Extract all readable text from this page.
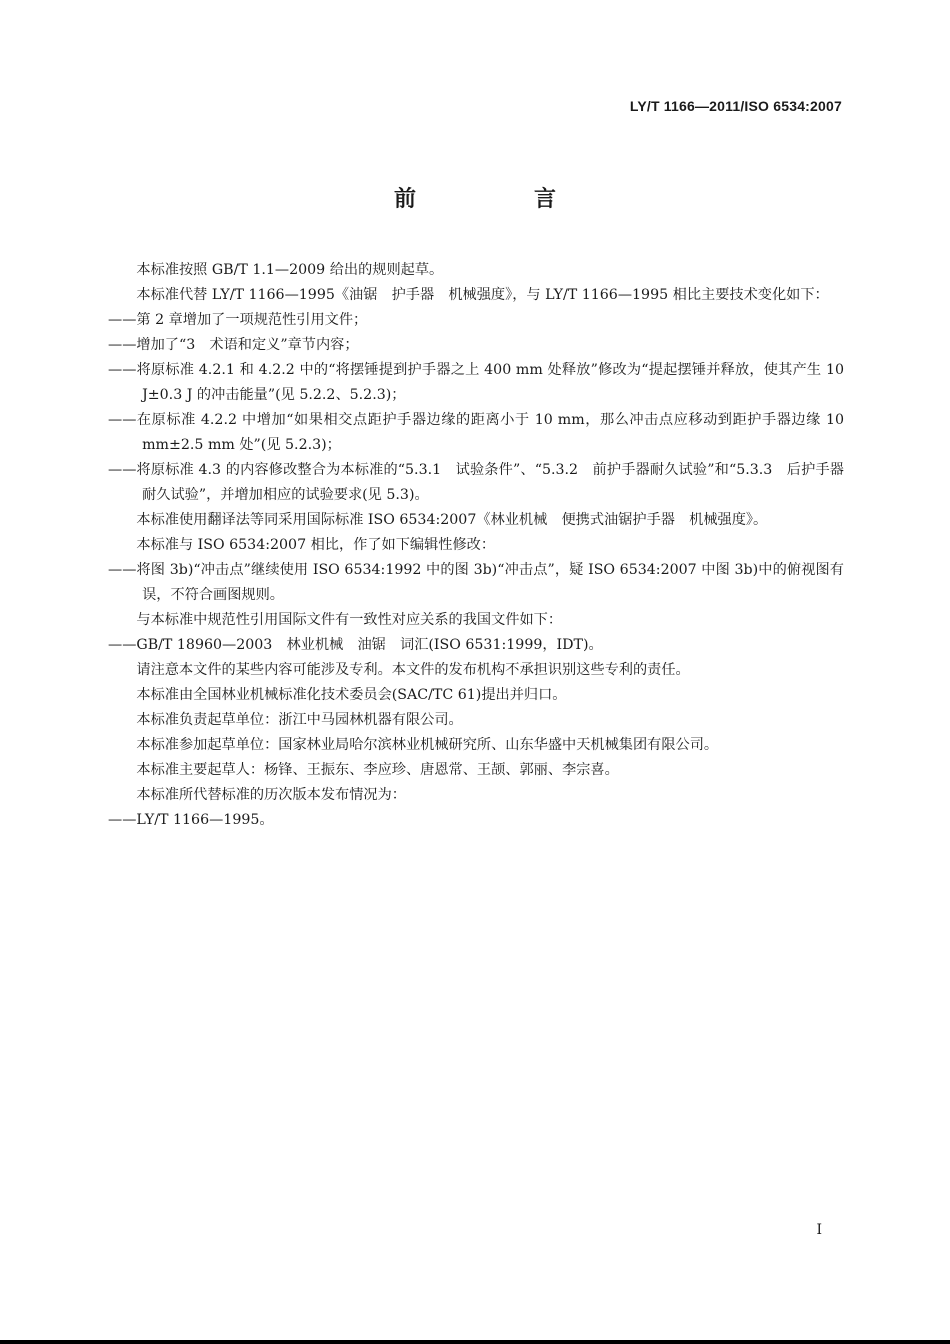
LY/T 1166—2011/ISO 6534:2007
前　言

本标准按照 GB/T 1.1—2009 给出的规则起草。

本标准代替 LY/T 1166—1995《油锯　护手器　机械强度》，与 LY/T 1166—1995 相比主要技术变化如下：

——第 2 章增加了一项规范性引用文件；

——增加了“3　术语和定义”章节内容；

——将原标准 4.2.1 和 4.2.2 中的“将摆锤提到护手器之上 400 mm 处释放”修改为“提起摆锤并释放，使其产生 10 J±0.3 J 的冲击能量”(见 5.2.2、5.2.3)；

——在原标准 4.2.2 中增加“如果相交点距护手器边缘的距离小于 10 mm，那么冲击点应移动到距护手器边缘 10 mm±2.5 mm 处”(见 5.2.3)；

——将原标准 4.3 的内容修改整合为本标准的“5.3.1　试验条件”、“5.3.2　前护手器耐久试验”和“5.3.3　后护手器耐久试验”，并增加相应的试验要求(见 5.3)。

本标准使用翻译法等同采用国际标准 ISO 6534:2007《林业机械　便携式油锯护手器　机械强度》。

本标准与 ISO 6534:2007 相比，作了如下编辑性修改：

——将图 3b)“冲击点”继续使用 ISO 6534:1992 中的图 3b)“冲击点”，疑 ISO 6534:2007 中图 3b)中的俯视图有误，不符合画图规则。

与本标准中规范性引用国际文件有一致性对应关系的我国文件如下：

——GB/T 18960—2003　林业机械　油锯　词汇(ISO 6531:1999，IDT)。

请注意本文件的某些内容可能涉及专利。本文件的发布机构不承担识别这些专利的责任。

本标准由全国林业机械标准化技术委员会(SAC/TC 61)提出并归口。

本标准负责起草单位：浙江中马园林机器有限公司。

本标准参加起草单位：国家林业局哈尔滨林业机械研究所、山东华盛中天机械集团有限公司。

本标准主要起草人：杨锋、王振东、李应珍、唐恩常、王颉、郭丽、李宗喜。

本标准所代替标准的历次版本发布情况为：

——LY/T 1166—1995。

I
